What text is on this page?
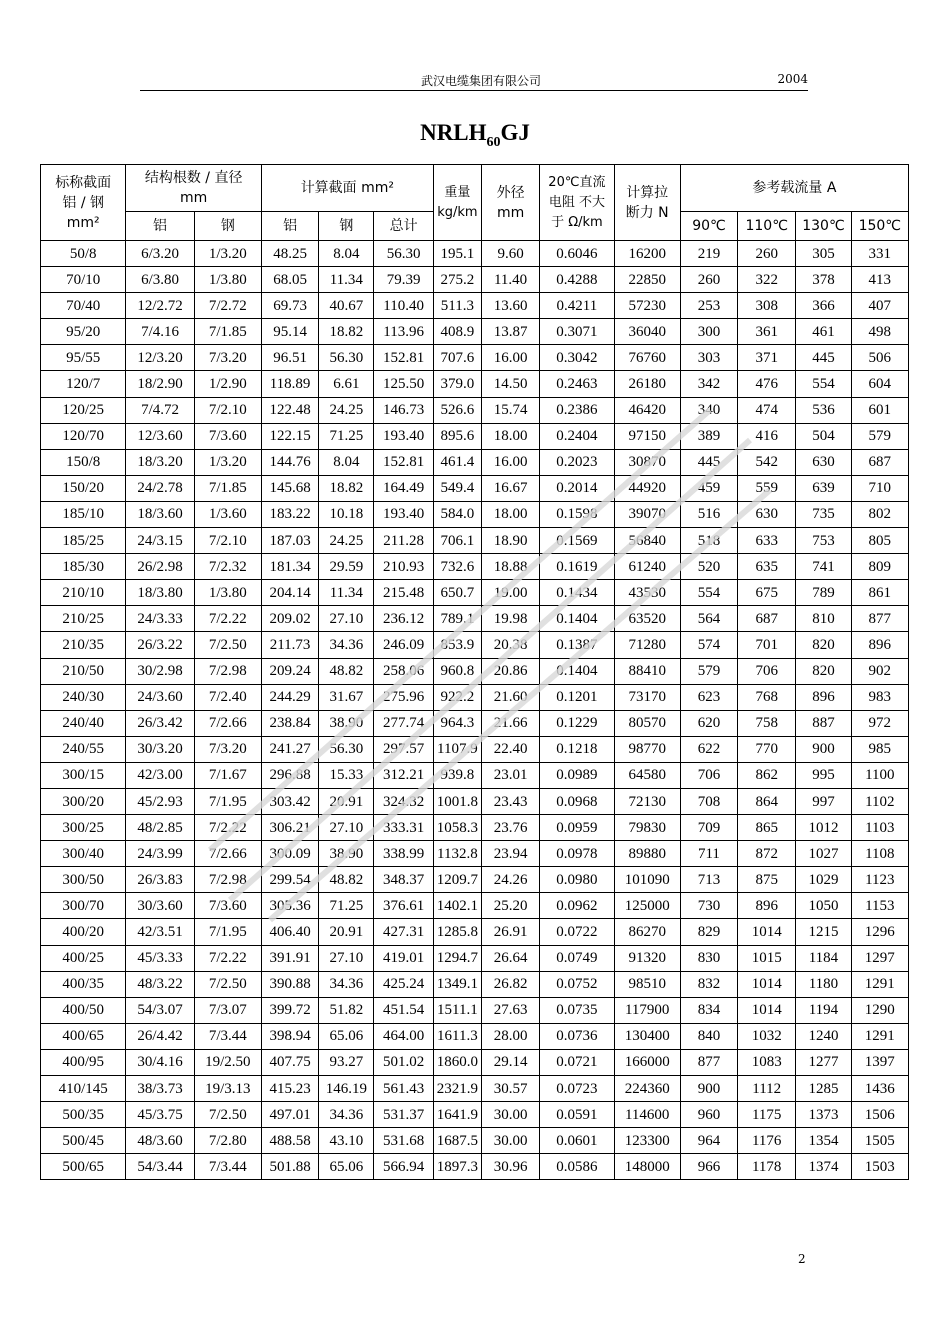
武汉电缆集团有限公司	2004
$NRLH_{60}GJ$
标称截面 铝 / 钢 mm²	结构根数 / 直径 mm		计算截面 mm²			重量 kg/km	外径 mm	20℃直流 电阻 不大于 Ω/km	计算拉 断力 N	参考载流量 A			
	铝	钢	铝	钢	总计					90℃	110℃	130℃	150℃
50/8	6/3.20	1/3.20	48.25	8.04	56.30	195.1	9.60	0.6046	16200	219	260	305	331
70/10	6/3.80	1/3.80	68.05	11.34	79.39	275.2	11.40	0.4288	22850	260	322	378	413
70/40	12/2.72	7/2.72	69.73	40.67	110.40	511.3	13.60	0.4211	57230	253	308	366	407
95/20	7/4.16	7/1.85	95.14	18.82	113.96	408.9	13.87	0.3071	36040	300	361	461	498
95/55	12/3.20	7/3.20	96.51	56.30	152.81	707.6	16.00	0.3042	76760	303	371	445	506
120/7	18/2.90	1/2.90	118.89	6.61	125.50	379.0	14.50	0.2463	26180	342	476	554	604
120/25	7/4.72	7/2.10	122.48	24.25	146.73	526.6	15.74	0.2386	46420	340	474	536	601
120/70	12/3.60	7/3.60	122.15	71.25	193.40	895.6	18.00	0.2404	97150	389	416	504	579
150/8	18/3.20	1/3.20	144.76	8.04	152.81	461.4	16.00	0.2023	30870	445	542	630	687
150/20	24/2.78	7/1.85	145.68	18.82	164.49	549.4	16.67	0.2014	44920	459	559	639	710
185/10	18/3.60	1/3.60	183.22	10.18	193.40	584.0	18.00	0.1598	39070	516	630	735	802
185/25	24/3.15	7/2.10	187.03	24.25	211.28	706.1	18.90	0.1569	56840	518	633	753	805
185/30	26/2.98	7/2.32	181.34	29.59	210.93	732.6	18.88	0.1619	61240	520	635	741	809
210/10	18/3.80	1/3.80	204.14	11.34	215.48	650.7	19.00	0.1434	43530	554	675	789	861
210/25	24/3.33	7/2.22	209.02	27.10	236.12	789.1	19.98	0.1404	63520	564	687	810	877
210/35	26/3.22	7/2.50	211.73	34.36	246.09	853.9	20.38	0.1387	71280	574	701	820	896
210/50	30/2.98	7/2.98	209.24	48.82	258.06	960.8	20.86	0.1404	88410	579	706	820	902
240/30	24/3.60	7/2.40	244.29	31.67	275.96	922.2	21.60	0.1201	73170	623	768	896	983
240/40	26/3.42	7/2.66	238.84	38.90	277.74	964.3	21.66	0.1229	80570	620	758	887	972
240/55	30/3.20	7/3.20	241.27	56.30	297.57	1107.9	22.40	0.1218	98770	622	770	900	985
300/15	42/3.00	7/1.67	296.88	15.33	312.21	939.8	23.01	0.0989	64580	706	862	995	1100
300/20	45/2.93	7/1.95	303.42	20.91	324.32	1001.8	23.43	0.0968	72130	708	864	997	1102
300/25	48/2.85	7/2.22	306.21	27.10	333.31	1058.3	23.76	0.0959	79830	709	865	1012	1103
300/40	24/3.99	7/2.66	300.09	38.90	338.99	1132.8	23.94	0.0978	89880	711	872	1027	1108
300/50	26/3.83	7/2.98	299.54	48.82	348.37	1209.7	24.26	0.0980	101090	713	875	1029	1123
300/70	30/3.60	7/3.60	305.36	71.25	376.61	1402.1	25.20	0.0962	125000	730	896	1050	1153
400/20	42/3.51	7/1.95	406.40	20.91	427.31	1285.8	26.91	0.0722	86270	829	1014	1215	1296
400/25	45/3.33	7/2.22	391.91	27.10	419.01	1294.7	26.64	0.0749	91320	830	1015	1184	1297
400/35	48/3.22	7/2.50	390.88	34.36	425.24	1349.1	26.82	0.0752	98510	832	1014	1180	1291
400/50	54/3.07	7/3.07	399.72	51.82	451.54	1511.1	27.63	0.0735	117900	834	1014	1194	1290
400/65	26/4.42	7/3.44	398.94	65.06	464.00	1611.3	28.00	0.0736	130400	840	1032	1240	1291
400/95	30/4.16	19/2.50	407.75	93.27	501.02	1860.0	29.14	0.0721	166000	877	1083	1277	1397
410/145	38/3.73	19/3.13	415.23	146.19	561.43	2321.9	30.57	0.0723	224360	900	1112	1285	1436
500/35	45/3.75	7/2.50	497.01	34.36	531.37	1641.9	30.00	0.0591	114600	960	1175	1373	1506
500/45	48/3.60	7/2.80	488.58	43.10	531.68	1687.5	30.00	0.0601	123300	964	1176	1354	1505
500/65	54/3.44	7/3.44	501.88	65.06	566.94	1897.3	30.96	0.0586	148000	966	1178	1374	1503
2
